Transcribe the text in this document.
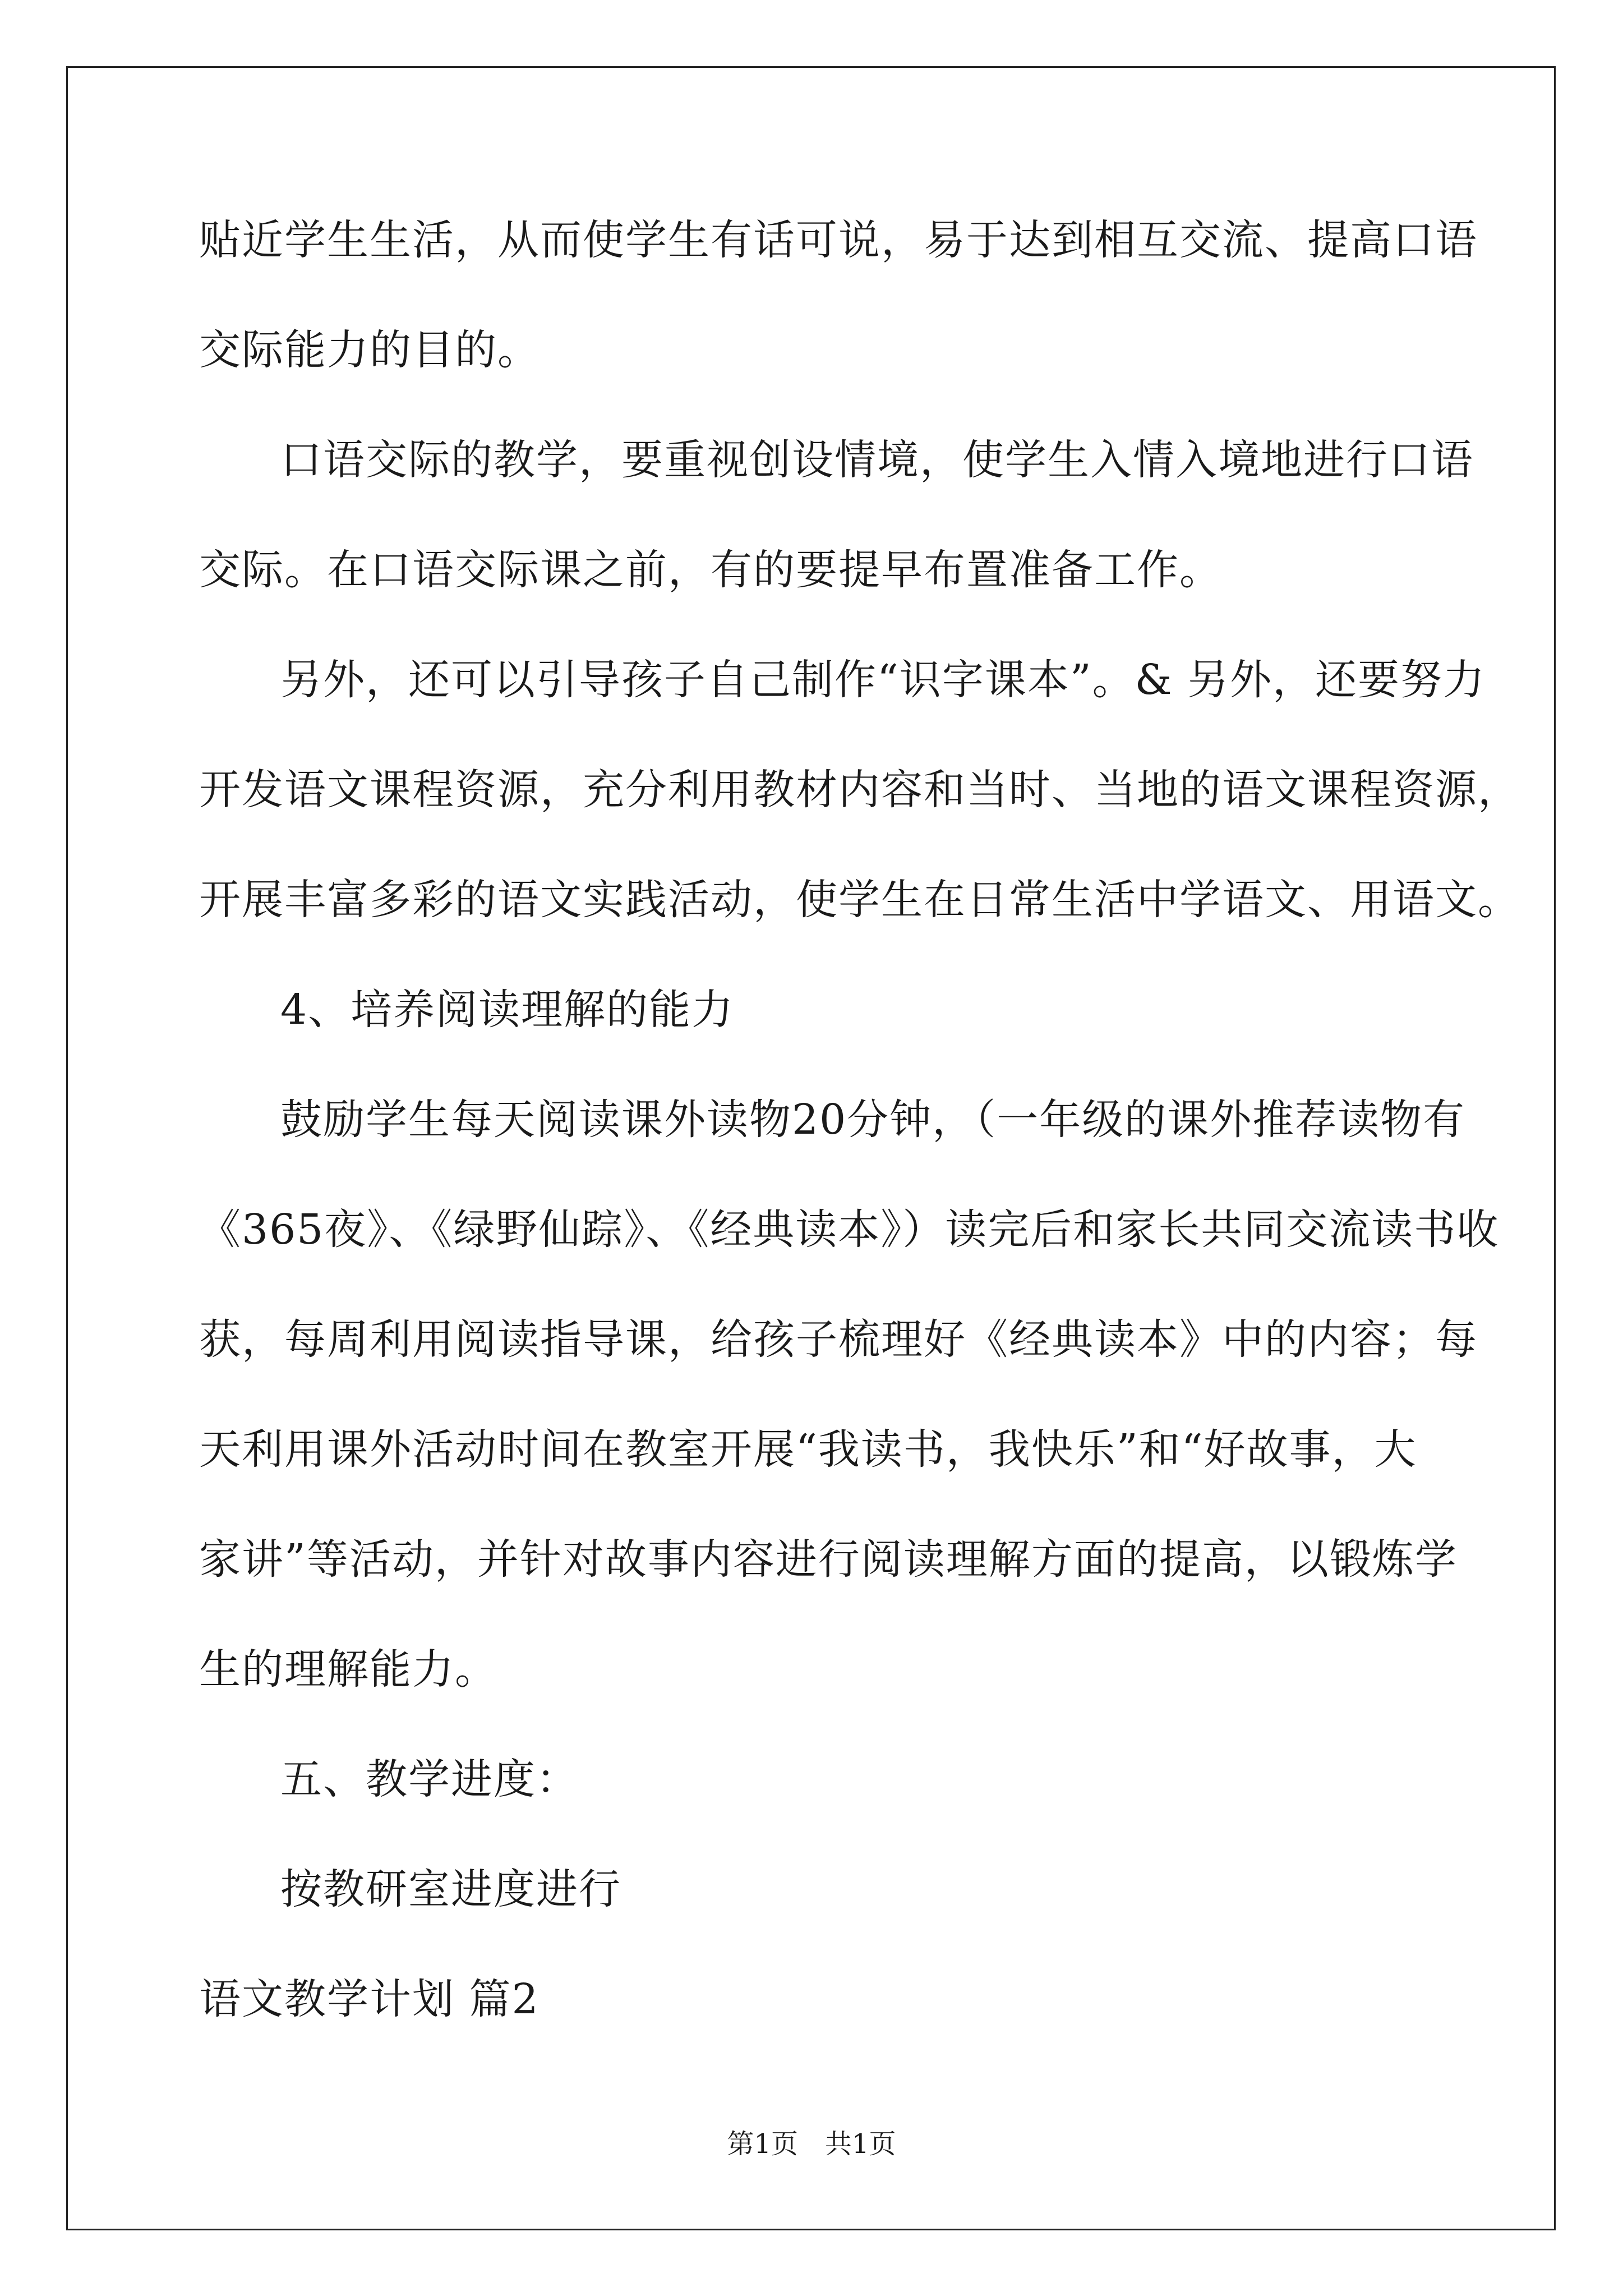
贴近学生生活，从而使学生有话可说，易于达到相互交流、提高口语
交际能力的目的。
口语交际的教学，要重视创设情境，使学生入情入境地进行口语
交际。在口语交际课之前，有的要提早布置准备工作。
另外，还可以引导孩子自己制作“识字课本”。& 另外，还要努力
开发语文课程资源，充分利用教材内容和当时、当地的语文课程资源，
开展丰富多彩的语文实践活动，使学生在日常生活中学语文、用语文。
4、培养阅读理解的能力
鼓励学生每天阅读课外读物20分钟，（一年级的课外推荐读物有
《365夜》、《绿野仙踪》、《经典读本》）读完后和家长共同交流读书收
获，每周利用阅读指导课，给孩子梳理好《经典读本》中的内容；每
天利用课外活动时间在教室开展“我读书，我快乐”和“好故事，大
家讲”等活动，并针对故事内容进行阅读理解方面的提高，以锻炼学
生的理解能力。
五、教学进度：
按教研室进度进行
语文教学计划 篇2
第1页 共1页
